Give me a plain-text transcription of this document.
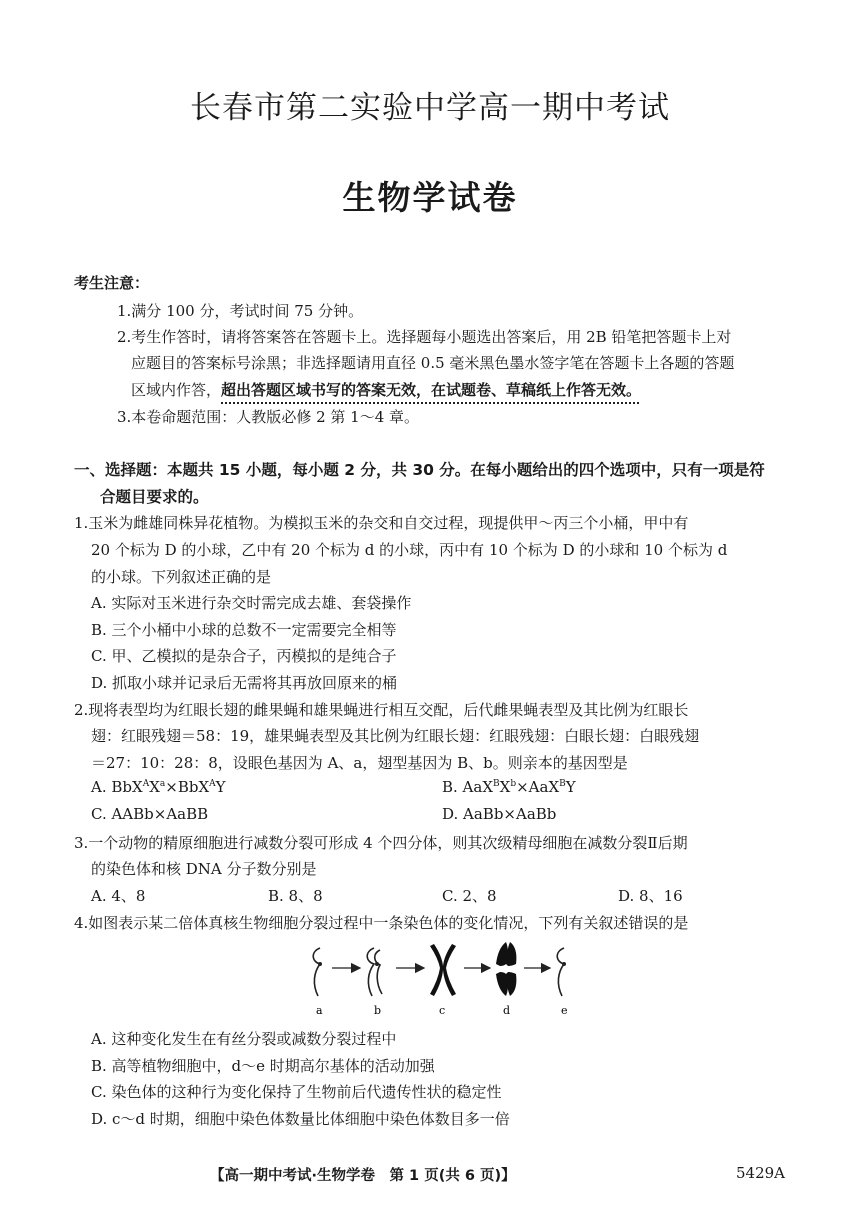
长春市第二实验中学高一期中考试
生物学试卷
考生注意：
1.满分 100 分，考试时间 75 分钟。
2.考生作答时，请将答案答在答题卡上。选择题每小题选出答案后，用 2B 铅笔把答题卡上对
应题目的答案标号涂黑；非选择题请用直径 0.5 毫米黑色墨水签字笔在答题卡上各题的答题
区域内作答，超出答题区域书写的答案无效，在试题卷、草稿纸上作答无效。
3.本卷命题范围：人教版必修 2 第 1～4 章。
一、选择题：本题共 15 小题，每小题 2 分，共 30 分。在每小题给出的四个选项中，只有一项是符
合题目要求的。
1.玉米为雌雄同株异花植物。为模拟玉米的杂交和自交过程，现提供甲～丙三个小桶，甲中有
20 个标为 D 的小球，乙中有 20 个标为 d 的小球，丙中有 10 个标为 D 的小球和 10 个标为 d
的小球。下列叙述正确的是
A. 实际对玉米进行杂交时需完成去雄、套袋操作
B. 三个小桶中小球的总数不一定需要完全相等
C. 甲、乙模拟的是杂合子，丙模拟的是纯合子
D. 抓取小球并记录后无需将其再放回原来的桶
2.现将表型均为红眼长翅的雌果蝇和雄果蝇进行相互交配，后代雌果蝇表型及其比例为红眼长
翅：红眼残翅＝58：19，雄果蝇表型及其比例为红眼长翅：红眼残翅：白眼长翅：白眼残翅
＝27：10：28：8，设眼色基因为 A、a，翅型基因为 B、b。则亲本的基因型是
A. $BbX^AX^a\times BbX^AY$	B. $AaX^BX^b\times AaX^BY$
C. AABb×AaBB	D. AaBb×AaBb
3.一个动物的精原细胞进行减数分裂可形成 4 个四分体，则其次级精母细胞在减数分裂Ⅱ后期
的染色体和核 DNA 分子数分别是
A. 4、8	B. 8、8	C. 2、8	D. 8、16
4.如图表示某二倍体真核生物细胞分裂过程中一条染色体的变化情况，下列有关叙述错误的是
a	b	c	d	e
A. 这种变化发生在有丝分裂或减数分裂过程中
B. 高等植物细胞中，d～e 时期高尔基体的活动加强
C. 染色体的这种行为变化保持了生物前后代遗传性状的稳定性
D. c～d 时期，细胞中染色体数量比体细胞中染色体数目多一倍
【高一期中考试·生物学卷　第 1 页(共 6 页)】	5429A
